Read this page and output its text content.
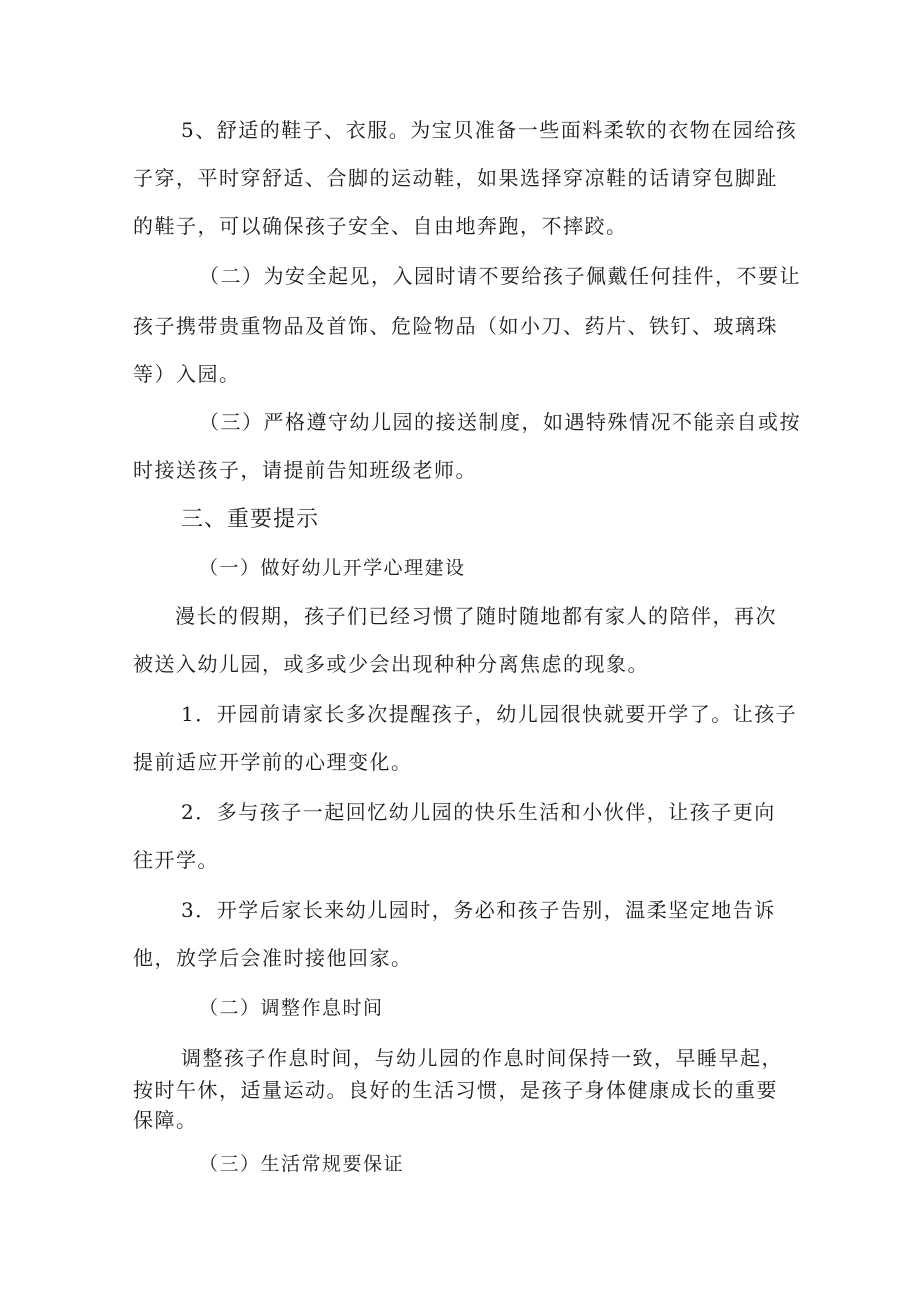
5、舒适的鞋子、衣服。为宝贝准备一些面料柔软的衣物在园给孩
子穿，平时穿舒适、合脚的运动鞋，如果选择穿凉鞋的话请穿包脚趾
的鞋子，可以确保孩子安全、自由地奔跑，不摔跤。
（二）为安全起见，入园时请不要给孩子佩戴任何挂件，不要让
孩子携带贵重物品及首饰、危险物品（如小刀、药片、铁钉、玻璃珠
等）入园。
（三）严格遵守幼儿园的接送制度，如遇特殊情况不能亲自或按
时接送孩子，请提前告知班级老师。
三、重要提示
（一）做好幼儿开学心理建设
漫长的假期，孩子们已经习惯了随时随地都有家人的陪伴，再次
被送入幼儿园，或多或少会出现种种分离焦虑的现象。
1．开园前请家长多次提醒孩子，幼儿园很快就要开学了。让孩子
提前适应开学前的心理变化。
2．多与孩子一起回忆幼儿园的快乐生活和小伙伴，让孩子更向
往开学。
3．开学后家长来幼儿园时，务必和孩子告别，温柔坚定地告诉
他，放学后会准时接他回家。
（二）调整作息时间
调整孩子作息时间，与幼儿园的作息时间保持一致，早睡早起，
按时午休，适量运动。良好的生活习惯，是孩子身体健康成长的重要
保障。
（三）生活常规要保证
